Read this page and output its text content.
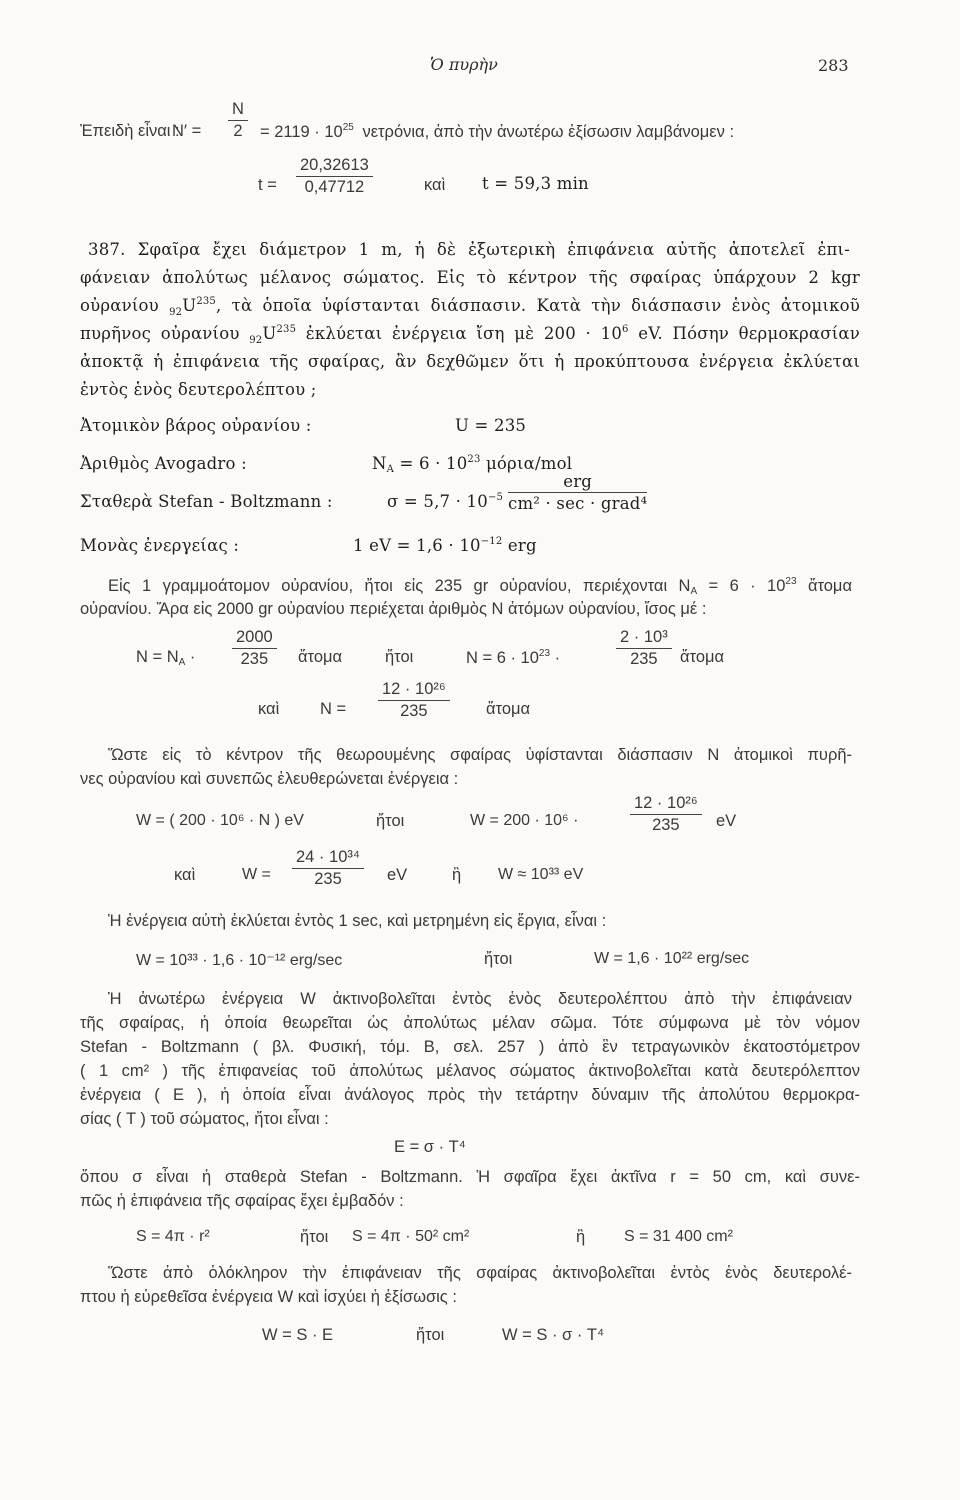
Ὁ πυρὴν	283
Ἐπειδὴ εἶναι :
$N' = \frac{N}{2} = 2119 \cdot 10^{25}$ νετρόνια, ἀπὸ τὴν ἀνωτέρω ἐξίσωσιν λαμβάνομεν :
$t = \frac{20,32613}{0,47712}$	καὶ t = 59,3 min
387. Σφαῖρα ἔχει διάμετρον 1 m, ἡ δὲ ἐξωτερικὴ ἐπιφάνεια αὐτῆς ἀποτελεῖ ἐπι-
φάνειαν ἀπολύτως μέλανος σώματος. Εἰς τὸ κέντρον τῆς σφαίρας ὑπάρχουν 2 kgr
οὐρανίου $_{92}U^{235}$, τὰ ὁποῖα ὑφίστανται διάσπασιν. Κατὰ τὴν διάσπασιν ἑνὸς ἀτομικοῦ
πυρῆνος οὐρανίου $_{92}U^{235}$ ἐκλύεται ἐνέργεια ἴση μὲ $200 \cdot 10^6$ eV. Πόσην θερμοκρασίαν
ἀποκτᾷ ἡ ἐπιφάνεια τῆς σφαίρας, ἂν δεχθῶμεν ὅτι ἡ προκύπτουσα ἐνέργεια ἐκλύεται
ἐντὸς ἑνὸς δευτερολέπτου ;
Ἀτομικὸν βάρος οὐρανίου :	U = 235
Ἀριθμὸς Avogadro :	$N_A = 6 \cdot 10^{23}$ μόρια/mol
Σταθερὰ Stefan - Boltzmann :	$\sigma = 5,7 \cdot 10^{-5}$
erg
cm² · sec · grad⁴
Μονὰς ἐνεργείας :	1 eV = $1,6 \cdot 10^{-12}$ erg
Εἰς 1 γραμμοάτομον οὐρανίου, ἤτοι εἰς 235 gr οὐρανίου, περιέχονται $N_A = 6 \cdot 10^{23}$ ἄτομα
οὐρανίου. Ἄρα εἰς 2000 gr οὐρανίου περιέχεται ἀριθμὸς N ἀτόμων οὐρανίου, ἴσος μέ :
$N = N_A \cdot \frac{2000}{235}$ ἄτομα	ἤτοι	$N = 6 \cdot 10^{23}$ ·	$\frac{\text{2 · 10³}}{235}$ ἄτομα
καὶ $N = \frac{\text{12 · 10²⁶}}{235}$ ἄτομα
Ὥστε εἰς τὸ κέντρον τῆς θεωρουμένης σφαίρας ὑφίστανται διάσπασιν N ἀτομικοὶ πυρῆ-
νες οὐρανίου καὶ συνεπῶς ἐλευθερώνεται ἐνέργεια :
W = ( 200 · 10⁶ · N ) eV	ἤτοι	W = 200 · 10⁶ ·	$\frac{\text{12 · 10²⁶}}{235}$ eV
καὶ	$W = \frac{\text{24 · 10³⁴}}{235}$ eV	ἢ W ≈ 10³³ eV
Ἡ ἐνέργεια αὐτὴ ἐκλύεται ἐντὸς 1 sec, καὶ μετρημένη εἰς ἔργια, εἶναι :
W = 10³³ · 1,6 · 10⁻¹² erg/sec	ἤτοι	W = 1,6 · 10²² erg/sec
Ἡ ἀνωτέρω ἐνέργεια W ἀκτινοβολεῖται ἐντὸς ἑνὸς δευτερολέπτου ἀπὸ τὴν ἐπιφάνειαν
τῆς σφαίρας, ἡ ὁποία θεωρεῖται ὡς ἀπολύτως μέλαν σῶμα. Τότε σύμφωνα μὲ τὸν νόμον
Stefan - Boltzmann ( βλ. Φυσική, τόμ. Β, σελ. 257 ) ἀπὸ ἓν τετραγωνικὸν ἑκατοστόμετρον
( 1 cm² ) τῆς ἐπιφανείας τοῦ ἀπολύτως μέλανος σώματος ἀκτινοβολεῖται κατὰ δευτερόλεπτον
ἐνέργεια ( E ), ἡ ὁποία εἶναι ἀνάλογος πρὸς τὴν τετάρτην δύναμιν τῆς ἀπολύτου θερμοκρα-
σίας ( T ) τοῦ σώματος, ἤτοι εἶναι :
E = σ · T⁴
ὅπου σ εἶναι ἡ σταθερὰ Stefan - Boltzmann. Ἡ σφαῖρα ἔχει ἀκτῖνα r = 50 cm, καὶ συνε-
πῶς ἡ ἐπιφάνεια τῆς σφαίρας ἔχει ἐμβαδόν :
S = 4π · r²	ἤτοι S = 4π · 50² cm²	ἢ S = 31 400 cm²
Ὥστε ἀπὸ ὁλόκληρον τὴν ἐπιφάνειαν τῆς σφαίρας ἀκτινοβολεῖται ἐντὸς ἑνὸς δευτερολέ-
πτου ἡ εὑρεθεῖσα ἐνέργεια W καὶ ἰσχύει ἡ ἐξίσωσις :
W = S · E	ἤτοι	W = S · σ · T⁴
